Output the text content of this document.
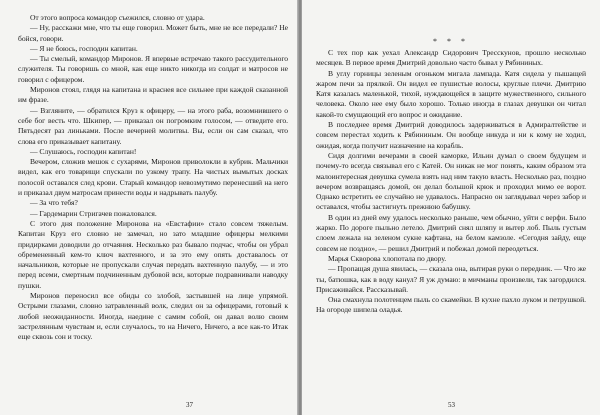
От этого вопроса командор съежился, словно от удара.

— Ну, расскажи мне, что ты еще говорил. Может быть, мне не все передали? Не бойся, говори.

— Я не боюсь, господин капитан.

— Ты смелый, командор Миронов. Я впервые встречаю такого рассудительного служителя. Ты говоришь со мной, как еще никто никогда из солдат и матросов не говорил с офицером.

Миронов стоял, глядя на капитана и краснея все сильнее при каждой сказанной им фразе.

— Взгляните, — обратился Круз к офицеру, — на этого раба, возомнившего о себе бог весть что. Шкипер, — приказал он погромким голосом, — отведите его. Пятьдесят раз линьками. После вечерней молитвы. Вы, если он сам сказал, что слова его приказывает капитану.

— Слушаюсь, господин капитан!

Вечером, сложив мешок с сухарями, Миронов приволокли в кубрик. Мальчики видел, как его товарищи спускали по узкому трапу. На чистых вымытых досках полосой оставался след крови. Старый командор невозмутимо перенесший на него и приказал двум матросам принести воды и надрывать палубу.

— За что тебя?

— Гардемарин Стригачев пожаловался.

С этого дня положение Миронова на «Евстафии» стало совсем тяжелым. Капитан Круз его словно не замечал, но зато младшие офицеры мелкими придирками доводили до отчаяния. Несколько раз бывало подчас, чтобы он убрал обремененный кем-то ключ вахтенного, и за это ему опять доставалось от начальников, которые не пропускали случая передать вахтенную палубу, — и это перед всеми, смертным подчиненным дубовой вси, которые подравнивали наводку пушки.

Миронов переносил все обиды со злобой, застывшей на лице упрямой. Острыми глазами, словно затравленный волк, следил он за офицерами, готовый к любой неожиданности. Иногда, наедине с самим собой, он давал волю своим застрелянным чувствам и, если случалось, то на Ничего, Ничего, а все как-то Итак еще сквозь сон и тоску.

37
* * *

С тех пор как уехал Александр Сидорович Тресскунов, прошло несколько месяцев. В первое время Дмитрий довольно часто бывал у Рябининых.

В углу горницы зеленым огоньком мигала лампада. Катя сидела у пышащей жаром печи за прялкой. Он видел ее пушистые волосы, круглые плечи. Дмитрию Катя казалась маленькой, тихой, нуждающейся в защите мужественного, сильного человека. Около нее ему было хорошо. Только иногда в глазах девушки он читал какой-то смущающий его вопрос и ожидание.

В последнее время Дмитрий доводилось задерживаться в Адмиралтействе и совсем перестал ходить к Рябининым. Он вообще никуда и ни к кому не ходил, ожидая, когда получит назначение на корабль.

Сидя долгими вечерами в своей каморке, Ильин думал о своем будущем и почему-то всегда связывал его с Катей. Он никак не мог понять, каким образом эта малоинтересная девушка сумела взять над ним такую власть. Несколько раз, поздно вечером возвращаясь домой, он делал большой крюк и проходил мимо ее ворот. Однако встретить ее случайно не удавалось. Напрасно он заглядывал через забор и оставался, чтобы застигнуть прежнюю бабушку.

В один из дней ему удалось несколько раньше, чем обычно, уйти с верфи. Было жарко. По дороге пыльно летело. Дмитрий снял шляпу и вытер лоб. Пыль густым слоем лежала на зеленом сукне кафтана, на белом камзоле. «Сегодня зайду, еще совсем не поздно», — решил Дмитрий и побежал домой переодеться.

Марья Скворова хлопотала по двору.

— Пропащая душа явилась, — сказала она, вытирая руки о передник. — Что же ты, батюшка, как в воду канул? Я уж думаю: в мичманы произвели, так загордился. Присаживайся. Рассказывай.

Она смахнула полотенцем пыль со скамейки. В кухне пахло луком и петрушкой. На огороде шипела оладья.

53
